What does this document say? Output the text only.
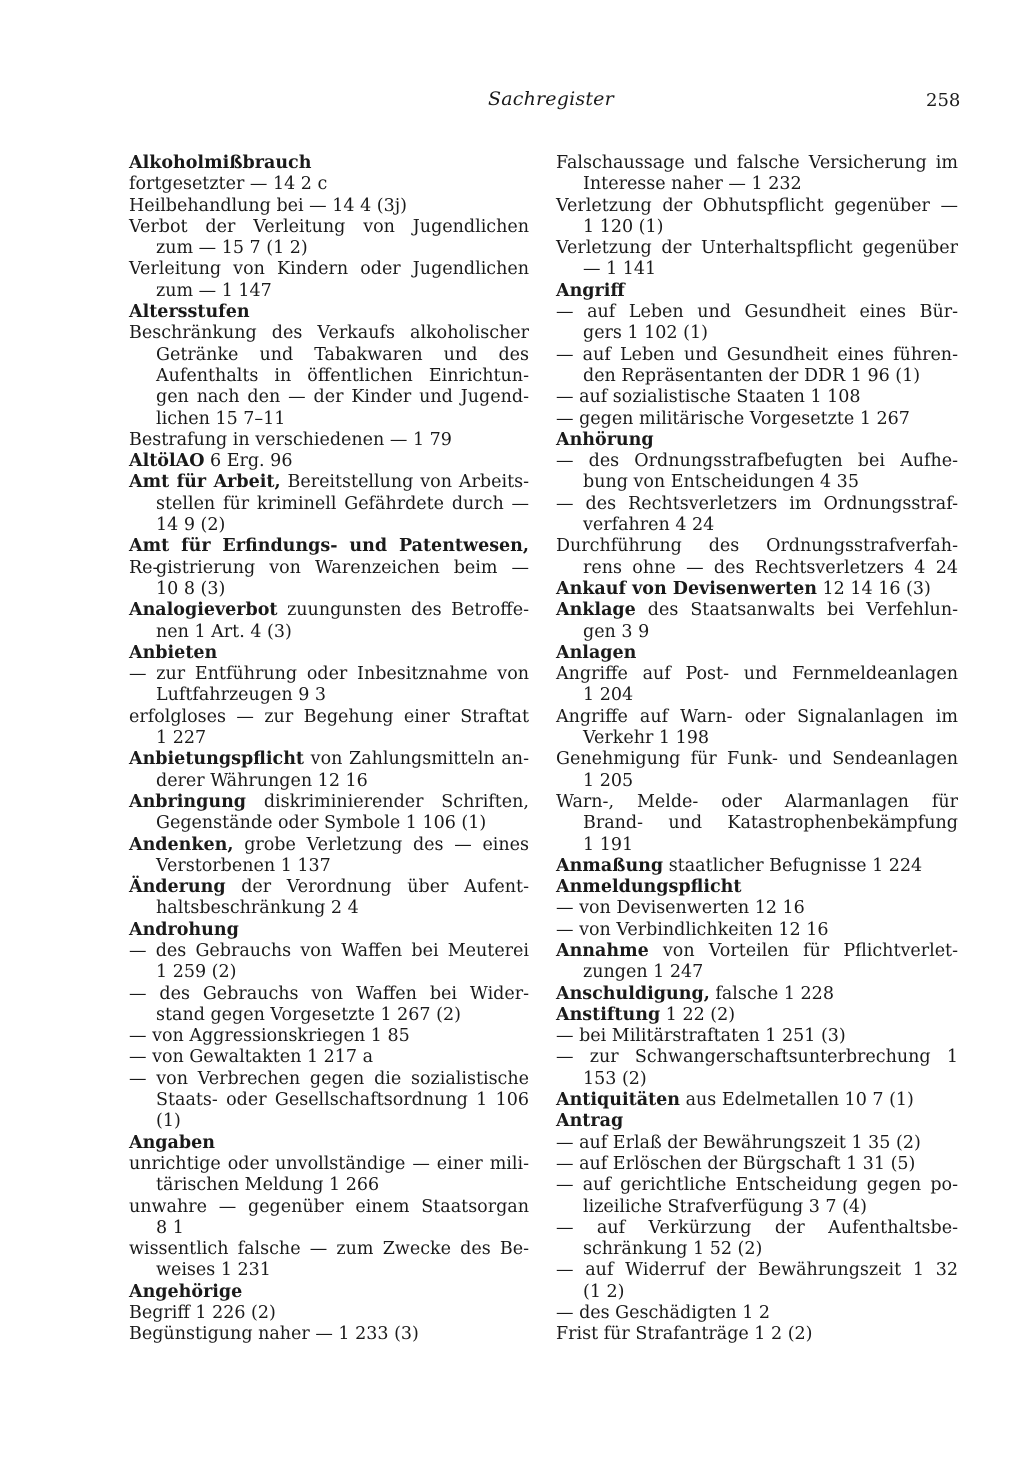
Sachregister	258
Alkoholmißbrauch
fortgesetzter — 14 2 c
Heilbehandlung bei — 14 4 (3j)
Verbot der Verleitung von Jugendlichen
zum — 15 7 (1 2)
Verleitung von Kindern oder Jugendlichen
zum — 1 147
Altersstufen
Beschränkung des Verkaufs alkoholischer
Getränke und Tabakwaren und des
Aufenthalts in öffentlichen Einrichtun-
gen nach den — der Kinder und Jugend-
lichen 15 7–11
Bestrafung in verschiedenen — 1 79
AltölAO 6 Erg. 96
Amt für Arbeit, Bereitstellung von Arbeits-
stellen für kriminell Gefährdete durch —
14 9 (2)
Amt für Erfindungs- und Patentwesen, Re-
gistrierung von Warenzeichen beim —
10 8 (3)
Analogieverbot zuungunsten des Betroffe-
nen 1 Art. 4 (3)
Anbieten
— zur Entführung oder Inbesitznahme von
Luftfahrzeugen 9 3
erfolgloses — zur Begehung einer Straftat
1 227
Anbietungspflicht von Zahlungsmitteln an-
derer Währungen 12 16
Anbringung diskriminierender Schriften,
Gegenstände oder Symbole 1 106 (1)
Andenken, grobe Verletzung des — eines
Verstorbenen 1 137
Änderung der Verordnung über Aufent-
haltsbeschränkung 2 4
Androhung
— des Gebrauchs von Waffen bei Meuterei
1 259 (2)
— des Gebrauchs von Waffen bei Wider-
stand gegen Vorgesetzte 1 267 (2)
— von Aggressionskriegen 1 85
— von Gewaltakten 1 217 a
— von Verbrechen gegen die sozialistische
Staats- oder Gesellschaftsordnung 1 106
(1)
Angaben
unrichtige oder unvollständige — einer mili-
tärischen Meldung 1 266
unwahre — gegenüber einem Staatsorgan
8 1
wissentlich falsche — zum Zwecke des Be-
weises 1 231
Angehörige
Begriff 1 226 (2)
Begünstigung naher — 1 233 (3)
Falschaussage und falsche Versicherung im
Interesse naher — 1 232
Verletzung der Obhutspflicht gegenüber —
1 120 (1)
Verletzung der Unterhaltspflicht gegenüber
— 1 141
Angriff
— auf Leben und Gesundheit eines Bür-
gers 1 102 (1)
— auf Leben und Gesundheit eines führen-
den Repräsentanten der DDR 1 96 (1)
— auf sozialistische Staaten 1 108
— gegen militärische Vorgesetzte 1 267
Anhörung
— des Ordnungsstrafbefugten bei Aufhe-
bung von Entscheidungen 4 35
— des Rechtsverletzers im Ordnungsstraf-
verfahren 4 24
Durchführung des Ordnungsstrafverfah-
rens ohne — des Rechtsverletzers 4 24
Ankauf von Devisenwerten 12 14 16 (3)
Anklage des Staatsanwalts bei Verfehlun-
gen 3 9
Anlagen
Angriffe auf Post- und Fernmeldeanlagen
1 204
Angriffe auf Warn- oder Signalanlagen im
Verkehr 1 198
Genehmigung für Funk- und Sendeanlagen
1 205
Warn-, Melde- oder Alarmanlagen für
Brand- und Katastrophenbekämpfung
1 191
Anmaßung staatlicher Befugnisse 1 224
Anmeldungspflicht
— von Devisenwerten 12 16
— von Verbindlichkeiten 12 16
Annahme von Vorteilen für Pflichtverlet-
zungen 1 247
Anschuldigung, falsche 1 228
Anstiftung 1 22 (2)
— bei Militärstraftaten 1 251 (3)
— zur Schwangerschaftsunterbrechung 1
153 (2)
Antiquitäten aus Edelmetallen 10 7 (1)
Antrag
— auf Erlaß der Bewährungszeit 1 35 (2)
— auf Erlöschen der Bürgschaft 1 31 (5)
— auf gerichtliche Entscheidung gegen po-
lizeiliche Strafverfügung 3 7 (4)
— auf Verkürzung der Aufenthaltsbe-
schränkung 1 52 (2)
— auf Widerruf der Bewährungszeit 1 32
(1 2)
— des Geschädigten 1 2
Frist für Strafanträge 1 2 (2)
